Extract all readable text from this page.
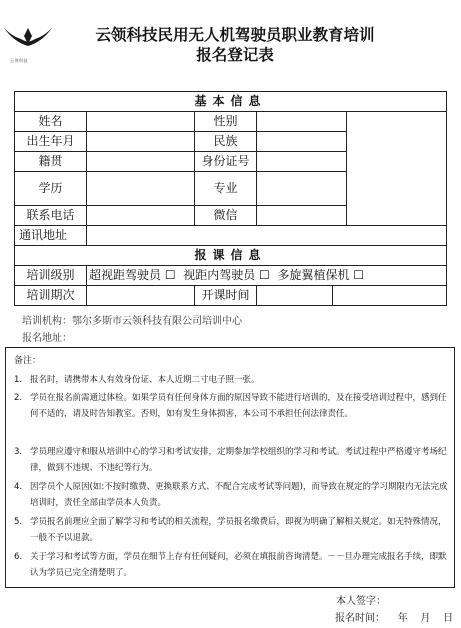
云领科技
云领科技民用无人机驾驶员职业教育培训
报名登记表
基本信息					
姓名		性别			
出生年月		民族			
籍贯		身份证号			
学历		专业			
联系电话		微信			
通讯地址					
报课信息					
培训级别	超视距驾驶员 ☐ 视距内驾驶员 ☐ 多旋翼植保机 ☐				
培训期次		开课时间			
培训机构：鄂尔多斯市云领科技有限公司培训中心
报名地址：
备注：
1. 报名时，请携带本人有效身份证、本人近期二寸电子照一张。
2. 学员在报名前需通过体检。如果学员有任何身体方面的原因导致不能进行培训的，及在接受培训过程中，感到任何不适的，请及时告知教室。否则，如有发生身体损害，本公司不承担任何法律责任。
3. 学员理应遵守和服从培训中心的学习和考试安排，定期参加学校组织的学习和考试。考试过程中严格遵守考场纪律，做到不违规、不违纪等行为。
4. 因学员个人原因(如:不按时缴费、更换联系方式、不配合完成考试等问题)，而导致在规定的学习期限内无法完成培训时，责任全部由学员本人负责。
5. 学员报名前理应全面了解学习和考试的相关流程，学员报名缴费后，即视为明确了解相关规定。如无特殊情况，一般不予以退款。
6. 关于学习和考试等方面，学员在细节上存有任何疑问，必须在填报前咨询清楚。－－旦办理完成报名手续，即默认为学员已完全清楚明了。
本人签字：
报名时间：    年    月    日
